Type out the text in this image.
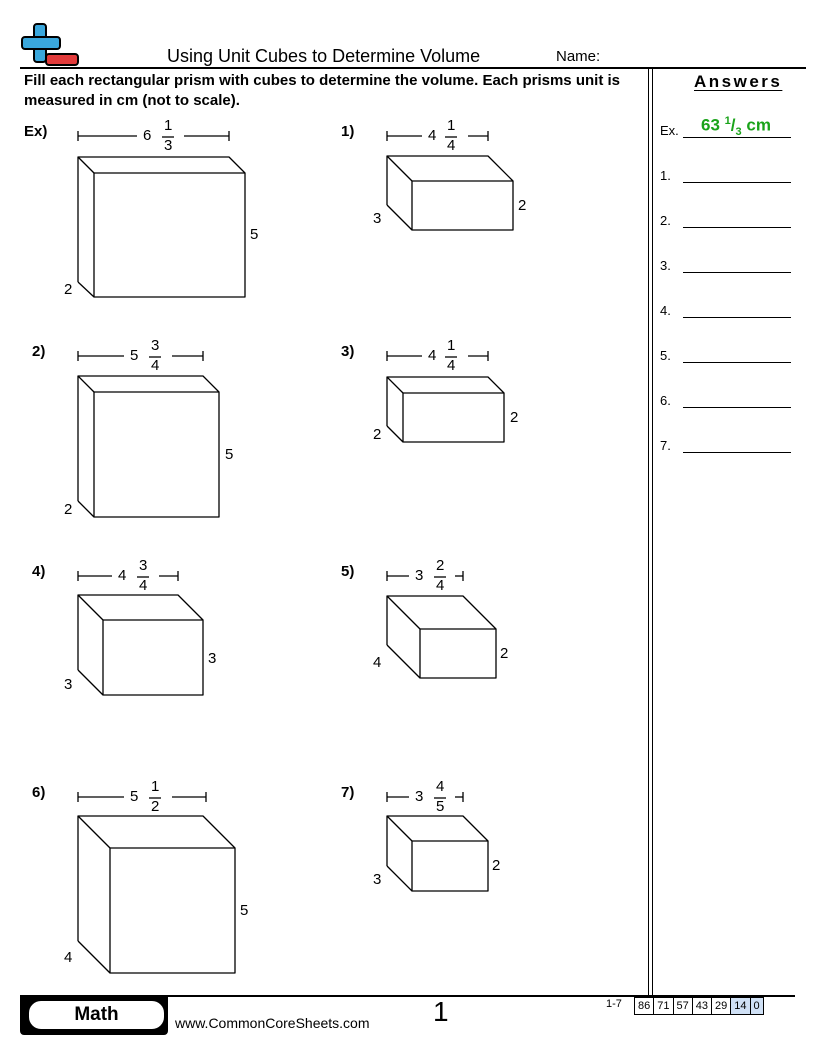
Using Unit Cubes to Determine Volume	Name:
Fill each rectangular prism with cubes to determine the volume. Each prisms unit is measured in cm (not to scale).
Answers
Ex. 63 $^1/_3$ cm
1.
2.
3.
4.
5.
6.
7.
Ex)	1)
2)	3)
4)	5)
6)	7)
6
1
3
4
1
4
5
3
4
4
1
4
4
3
4
3
2
4
5
1
2
3
4
5
5
2
5
2
3	2
5
2
2
3
2
2
3
4
4
3
Math	www.CommonCoreSheets.com 1	1-7 86	71	57	43	29	14	0
